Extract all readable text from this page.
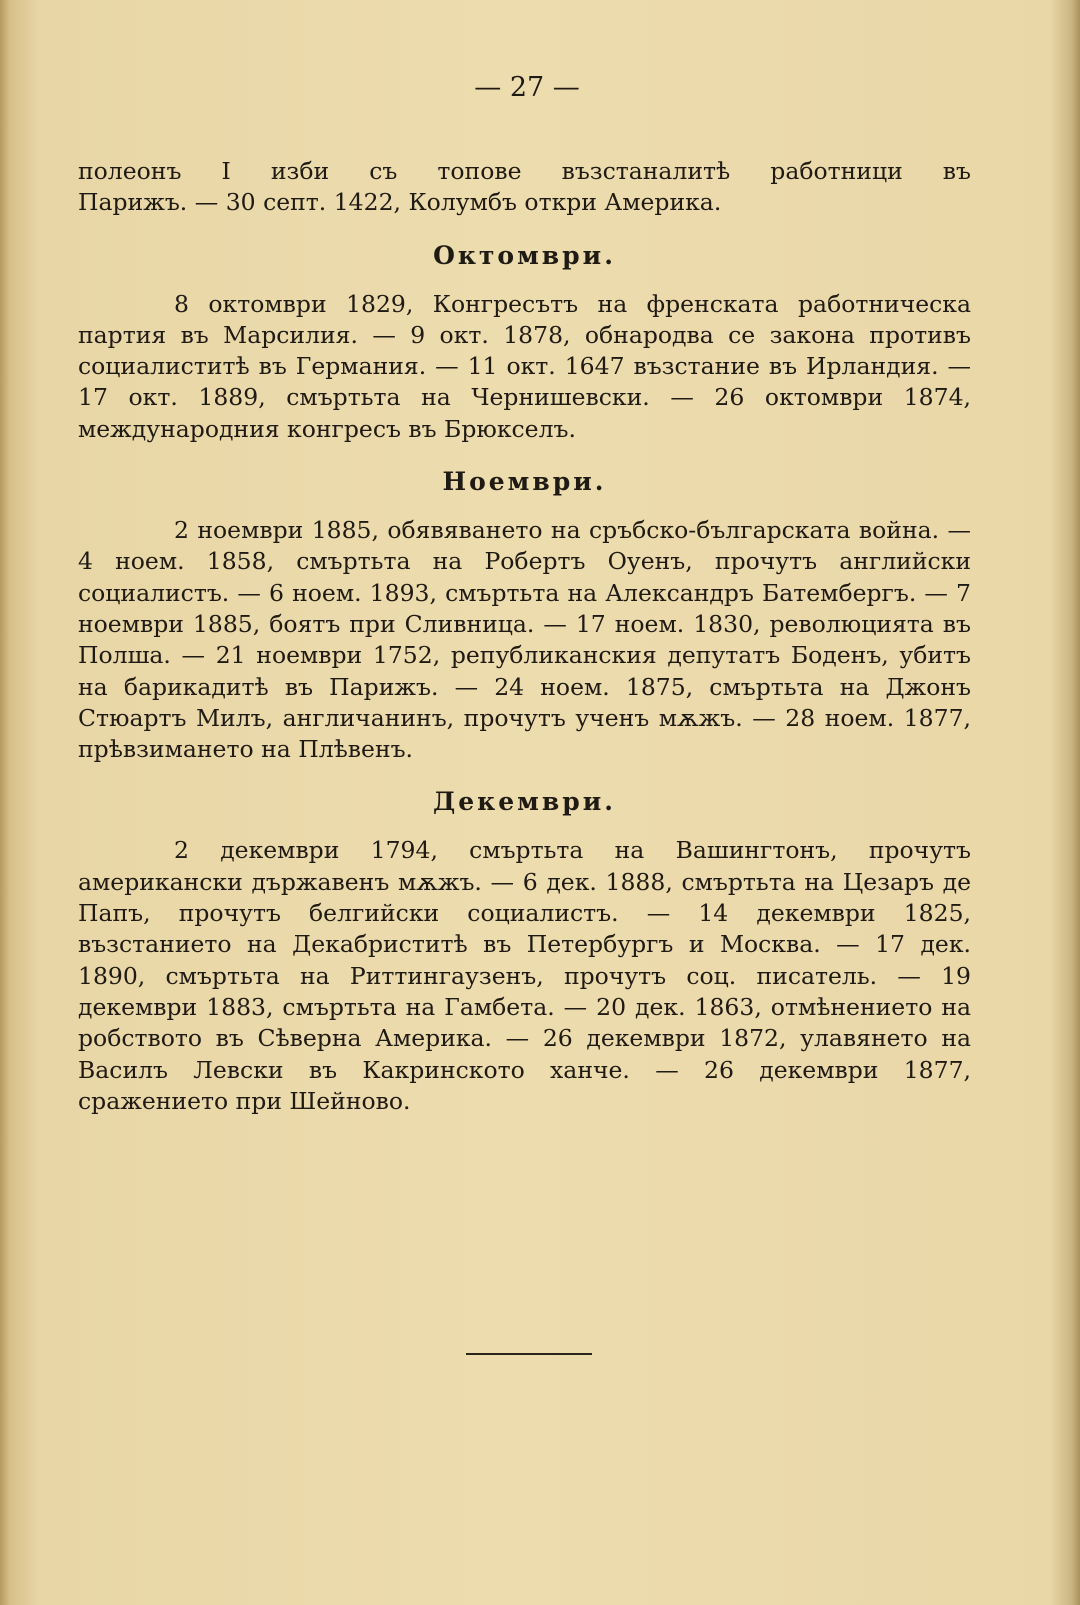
— 27 —

полеонъ I изби съ топове възстаналитѣ работници въ

Парижъ. — 30 септ. 1422, Колумбъ откри Америка.

Октомври.

8 октомври 1829, Конгресътъ на френската работническа партия въ Марсилия. — 9 окт. 1878, обнародва се закона противъ социалиститѣ въ Германия. — 11 окт. 1647 възстание въ Ирландия. — 17 окт. 1889, смъртьта на Чернишевски. — 26 октомври 1874, международния конгресъ въ Брюкселъ.

Ноември.

2 ноември 1885, обявяването на сръбско-българската война. — 4 ноем. 1858, смъртьта на Робертъ Оуенъ, прочутъ английски социалистъ. — 6 ноем. 1893, смъртьта на Александръ Батембергъ. — 7 ноември 1885, боятъ при Сливница. — 17 ноем. 1830, революцията въ Полша. — 21 ноември 1752, републиканския депутатъ Боденъ, убитъ на барикадитѣ въ Парижъ. — 24 ноем. 1875, смъртьта на Джонъ Стюартъ Милъ, англичанинъ, прочутъ ученъ мѫжъ. — 28 ноем. 1877, прѣвзимането на Плѣвенъ.

Декември.

2 декември 1794, смъртьта на Вашингтонъ, прочутъ американски държавенъ мѫжъ. — 6 дек. 1888, смъртьта на Цезаръ де Папъ, прочутъ белгийски социалистъ. — 14 декември 1825, възстанието на Декабриститѣ въ Петербургъ и Москва. — 17 дек. 1890, смъртьта на Риттингаузенъ, прочутъ соц. писатель. — 19 декември 1883, смъртьта на Гамбета. — 20 дек. 1863, отмѣнението на робството въ Сѣверна Америка. — 26 декември 1872, улавянето на Василъ Левски въ Какринското ханче. — 26 декември 1877, сражението при Шейново.
